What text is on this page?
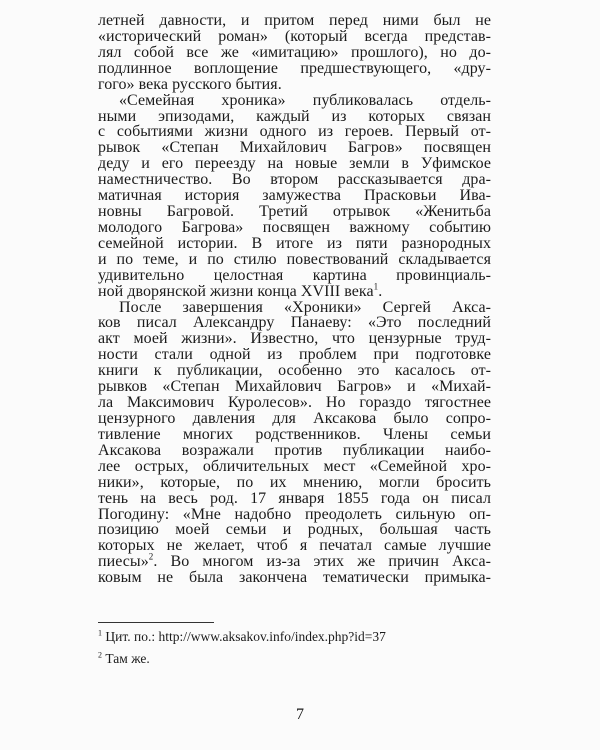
летней давности, и притом перед ними был не
«исторический роман» (который всегда представ-
лял собой все же «имитацию» прошлого), но до-
подлинное воплощение предшествующего, «дру-
гого» века русского бытия.
«Семейная хроника» публиковалась отдель-
ными эпизодами, каждый из которых связан
с событиями жизни одного из героев. Первый от-
рывок «Степан Михайлович Багров» посвящен
деду и его переезду на новые земли в Уфимское
наместничество. Во втором рассказывается дра-
матичная история замужества Прасковьи Ива-
новны Багровой. Третий отрывок «Женитьба
молодого Багрова» посвящен важному событию
семейной истории. В итоге из пяти разнородных
и по теме, и по стилю повествований складывается
удивительно целостная картина провинциаль-
ной дворянской жизни конца XVIII века$^1$.
После завершения «Хроники» Сергей Акса-
ков писал Александру Панаеву: «Это последний
акт моей жизни». Известно, что цензурные труд-
ности стали одной из проблем при подготовке
книги к публикации, особенно это касалось от-
рывков «Степан Михайлович Багров» и «Михай-
ла Максимович Куролесов». Но гораздо тягостнее
цензурного давления для Аксакова было сопро-
тивление многих родственников. Члены семьи
Аксакова возражали против публикации наибо-
лее острых, обличительных мест «Семейной хро-
ники», которые, по их мнению, могли бросить
тень на весь род. 17 января 1855 года он писал
Погодину: «Мне надобно преодолеть сильную оп-
позицию моей семьи и родных, большая часть
которых не желает, чтоб я печатал самые лучшие
пиесы»$^2$. Во многом из-за этих же причин Акса-
ковым не была закончена тематически примыка-
$^1$ Цит. по.: http://www.aksakov.info/index.php?id=37
$^2$ Там же.
7
